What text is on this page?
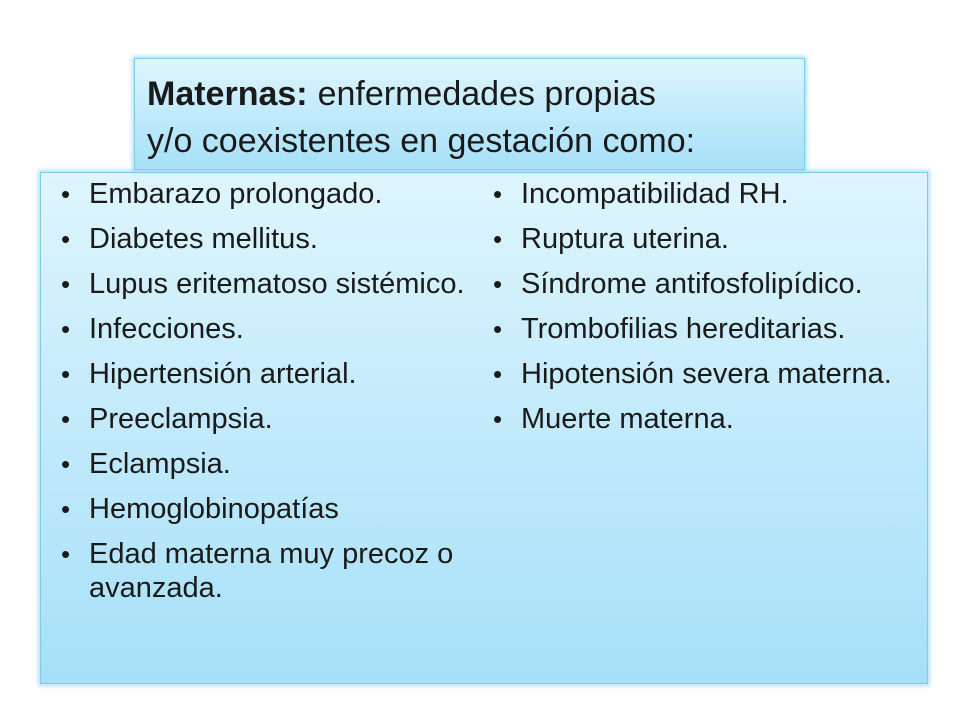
Maternas: enfermedades propias
y/o coexistentes en gestación como:
• Embarazo prolongado.
• Diabetes mellitus.
• Lupus eritematoso sistémico.
• Infecciones.
• Hipertensión arterial.
• Preeclampsia.
• Eclampsia.
• Hemoglobinopatías
• Edad materna muy precoz o avanzada.
• Incompatibilidad RH.
• Ruptura uterina.
• Síndrome antifosfolipídico.
• Trombofilias hereditarias.
• Hipotensión severa materna.
• Muerte materna.
